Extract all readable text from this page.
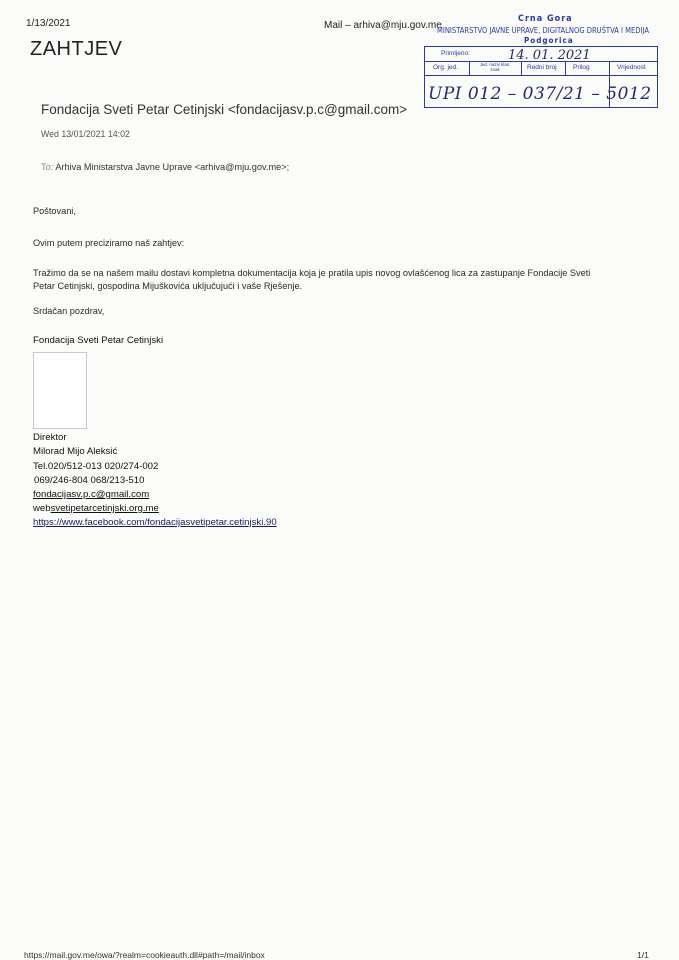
1/13/2021	Mail – arhiva@mju.gov.me
ZAHTJEV
Crna Gora
MINISTARSTVO JAVNE UPRAVE, DIGITALNOG DRUŠTVA I MEDIJA
Podgorica
Primljeno:
Org. jed.	Jed. naziv klas. znak	Redni broj	Prilog	Vrijednost
14. 01. 2021
UPI 012 – 037/21 – 5012
Fondacija Sveti Petar Cetinjski <fondacijasv.p.c@gmail.com>
Wed 13/01/2021 14:02
To: Arhiva Ministarstva Javne Uprave <arhiva@mju.gov.me>;
Poštovani,
Ovim putem preciziramo naš zahtjev:
Tražimo da se na našem mailu dostavi kompletna dokumentacija koja je pratila upis novog ovlašćenog lica za zastupanje Fondacije Sveti
Petar Cetinjski, gospodina Mijuškovića uključujući i vaše Rješenje.
Srdačan pozdrav,
Fondacija Sveti Petar Cetinjski
Direktor
Milorad Mijo Aleksić
Tel.020/512-013 020/274-002
069/246-804 068/213-510
fondacijasv.p.c@gmail.com
websvetipetarcetinjski.org.me
https://www.facebook.com/fondacijasvetipetar.cetinjski.90
https://mail.gov.me/owa/?realm=cookieauth.dll#path=/mail/inbox	1/1
